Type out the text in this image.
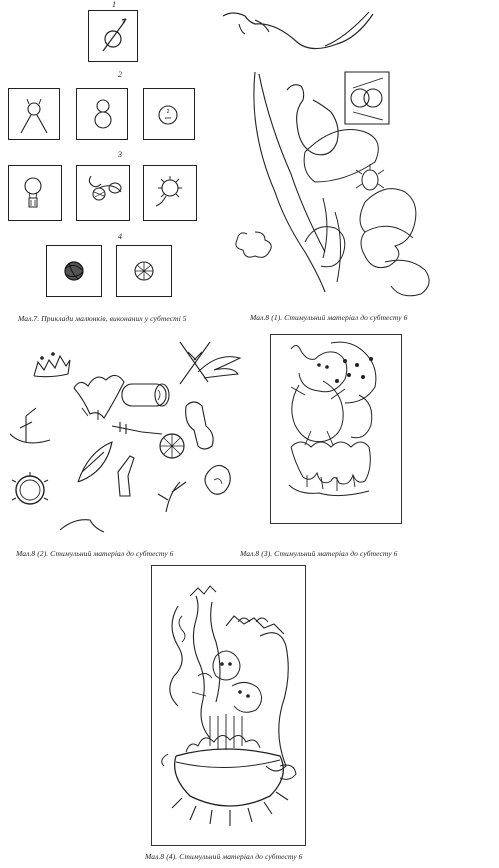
1
2
2
кол
3
4
Мал.7. Приклади малюнків, виконаних у субтесті 5	Мал.8 (1). Стимульний матеріал до субтесту 6
Мал.8 (2). Стимульний матеріал до субтесту 6	Мал.8 (3). Стимульний матеріал до субтесту 6
Мал.8 (4). Стимульний матеріал до субтесту 6
